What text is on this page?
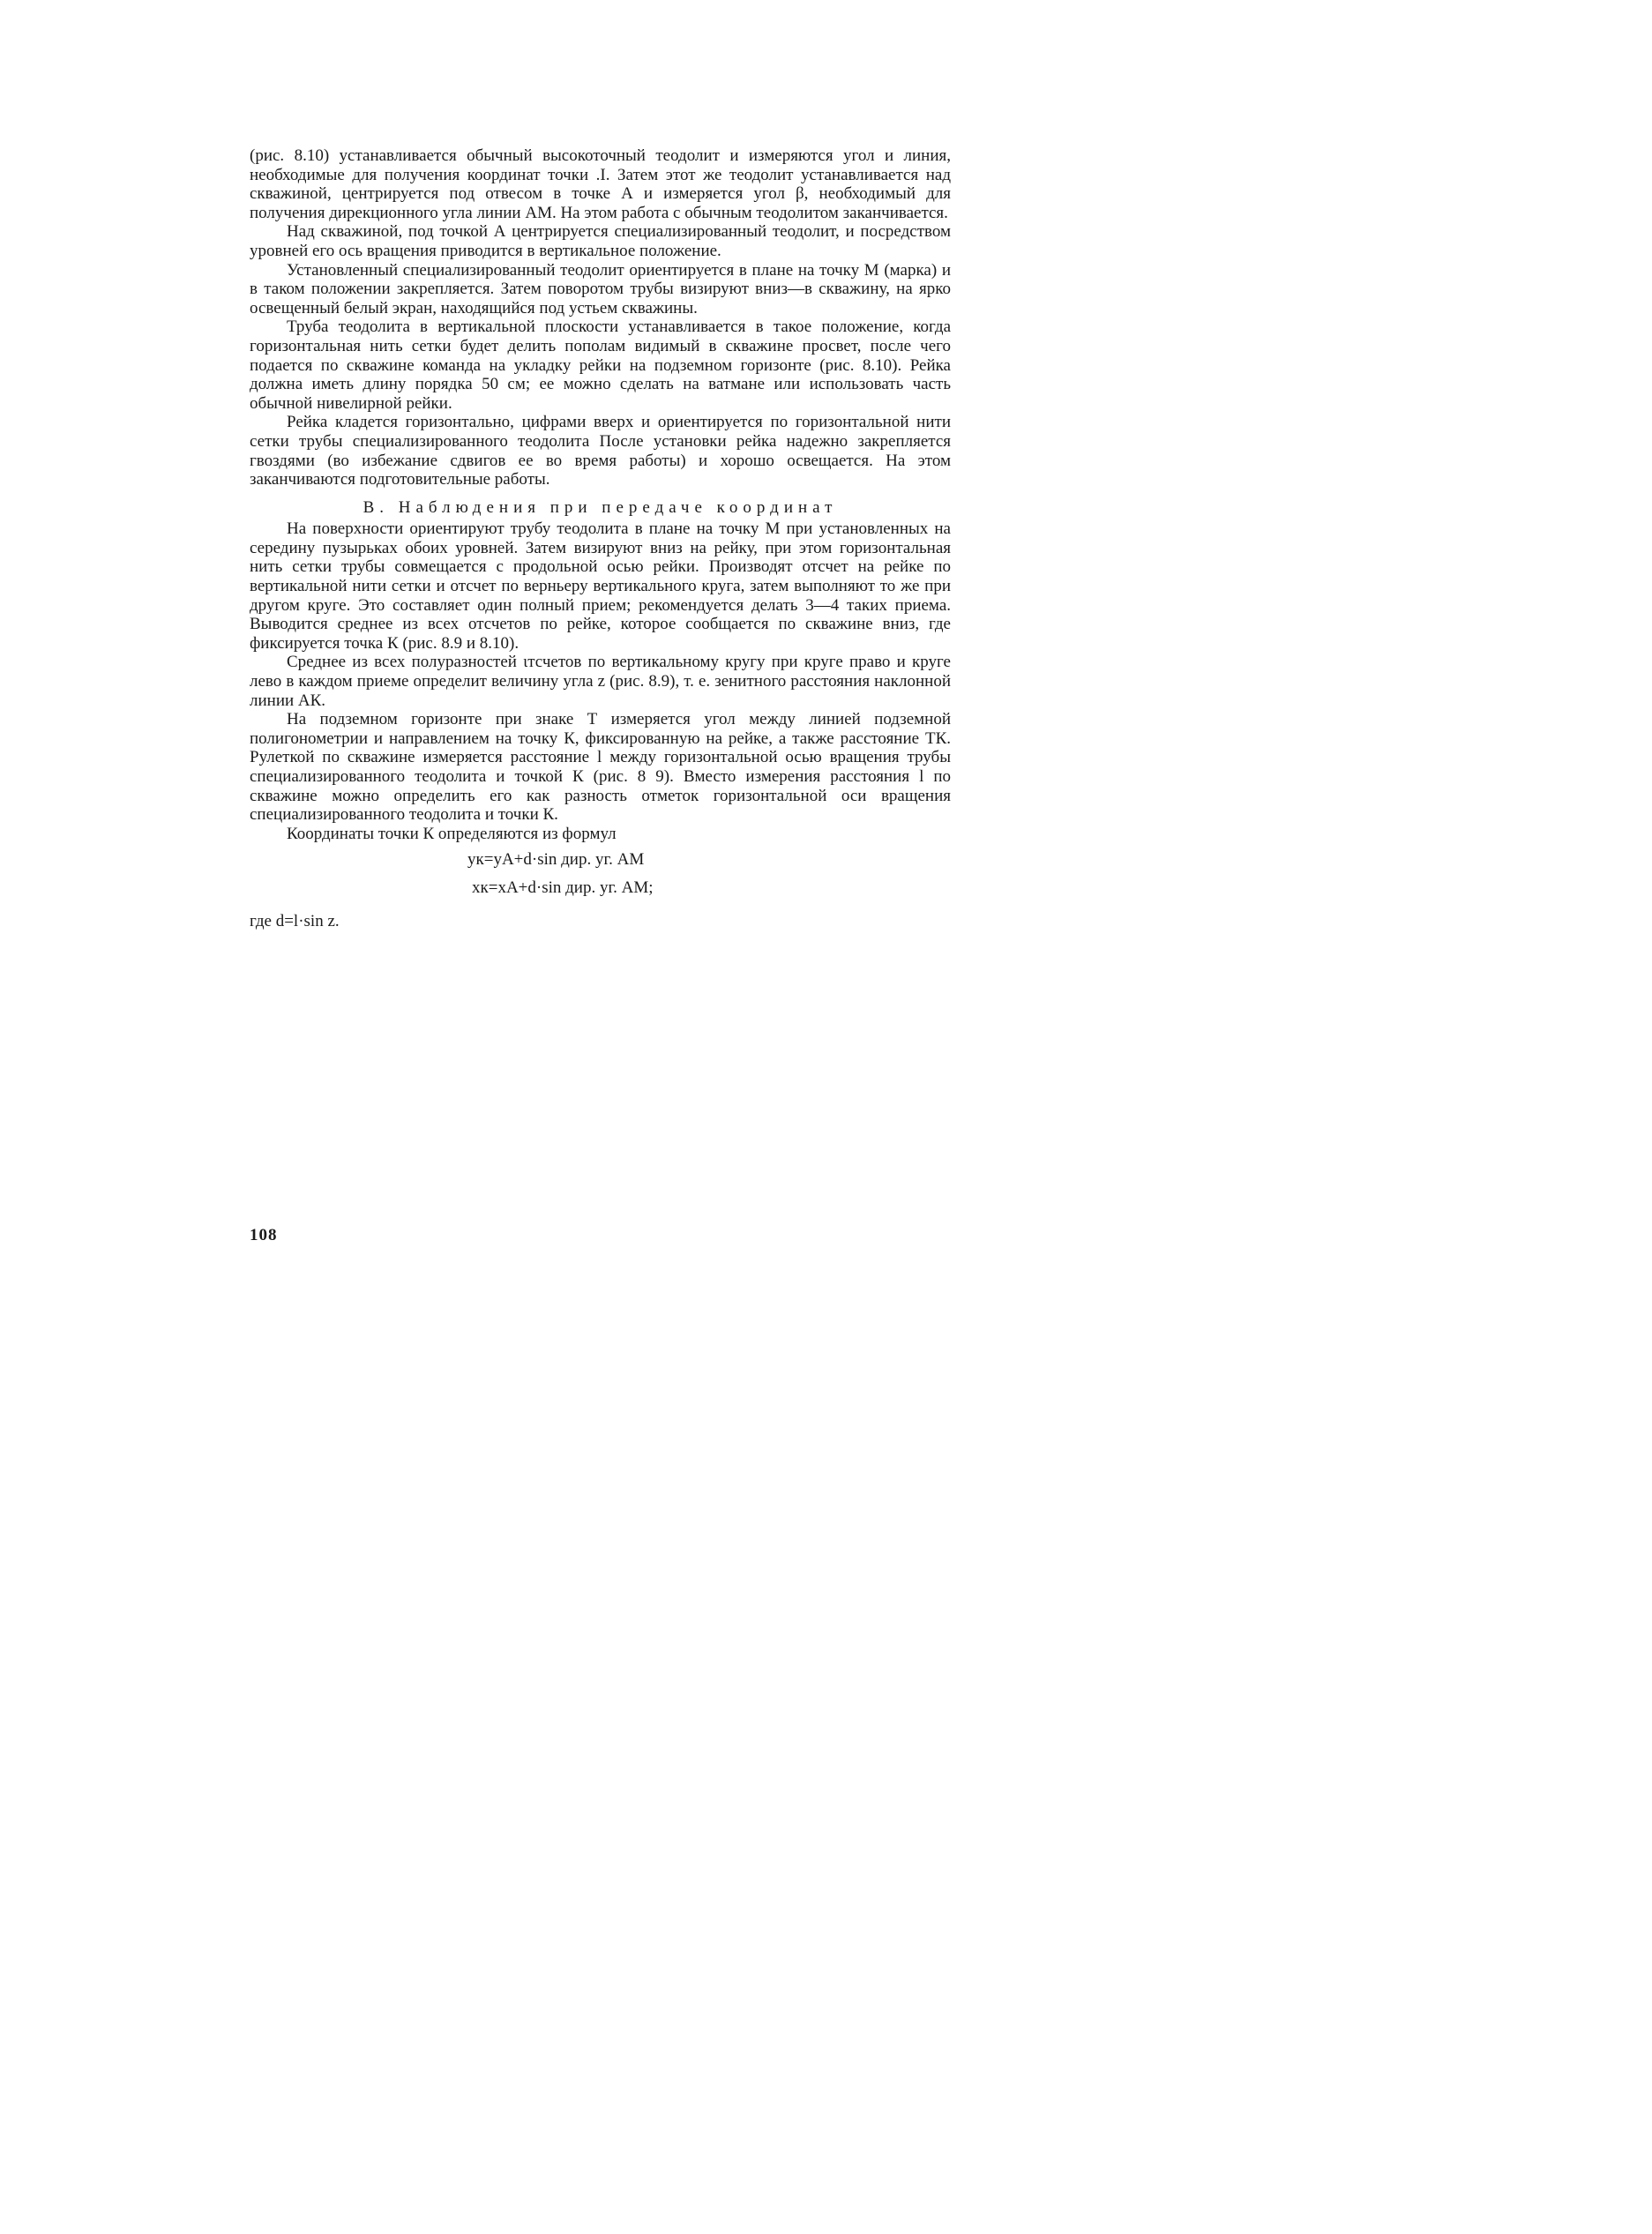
(рис. 8.10) устанавливается обычный высокоточный теодолит и измеряются угол и линия, необходимые для получения координат точки .I. Затем этот же теодолит устанавливается над скважиной, центрируется под отвесом в точке А и измеряется угол β, необходимый для получения дирекционного угла линии AM. На этом работа с обычным теодолитом заканчивается.

Над скважиной, под точкой А центрируется специализированный теодолит, и посредством уровней его ось вращения приводится в вертикальное положение.

Установленный специализированный теодолит ориентируется в плане на точку М (марка) и в таком положении закрепляется. Затем поворотом трубы визируют вниз—в скважину, на ярко освещенный белый экран, находящийся под устьем скважины.

Труба теодолита в вертикальной плоскости устанавливается в такое положение, когда горизонтальная нить сетки будет делить пополам видимый в скважине просвет, после чего подается по скважине команда на укладку рейки на подземном горизонте (рис. 8.10). Рейка должна иметь длину порядка 50 см; ее можно сделать на ватмане или использовать часть обычной нивелирной рейки.

Рейка кладется горизонтально, цифрами вверх и ориентируется по горизонтальной нити сетки трубы специализированного теодолита После установки рейка надежно закрепляется гвоздями (во избежание сдвигов ее во время работы) и хорошо освещается. На этом заканчиваются подготовительные работы.

В. Наблюдения при передаче координат

На поверхности ориентируют трубу теодолита в плане на точку М при установленных на середину пузырьках обоих уровней. Затем визируют вниз на рейку, при этом горизонтальная нить сетки трубы совмещается с продольной осью рейки. Производят отсчет на рейке по вертикальной нити сетки и отсчет по верньеру вертикального круга, затем выполняют то же при другом круге. Это составляет один полный прием; рекомендуется делать 3—4 таких приема. Выводится среднее из всех отсчетов по рейке, которое сообщается по скважине вниз, где фиксируется точка К (рис. 8.9 и 8.10).

Среднее из всех полуразностей ιтсчетов по вертикальному кругу при круге право и круге лево в каждом приеме определит величину угла z (рис. 8.9), т. е. зенитного расстояния наклонной линии АК.

На подземном горизонте при знаке Т измеряется угол между линией подземной полигонометрии и направлением на точку К, фиксированную на рейке, а также расстояние ТК. Рулеткой по скважине измеряется расстояние l между горизонтальной осью вращения трубы специализированного теодолита и точкой К (рис. 8 9). Вместо измерения расстояния l по скважине можно определить его как разность отметок горизонтальной оси вращения специализированного теодолита и точки К.

Координаты точки К определяются из формул

yк=yА+d·sin дир. уг. AM

xк=xА+d·sin дир. уг. AM;

где d=l·sin z.

108
